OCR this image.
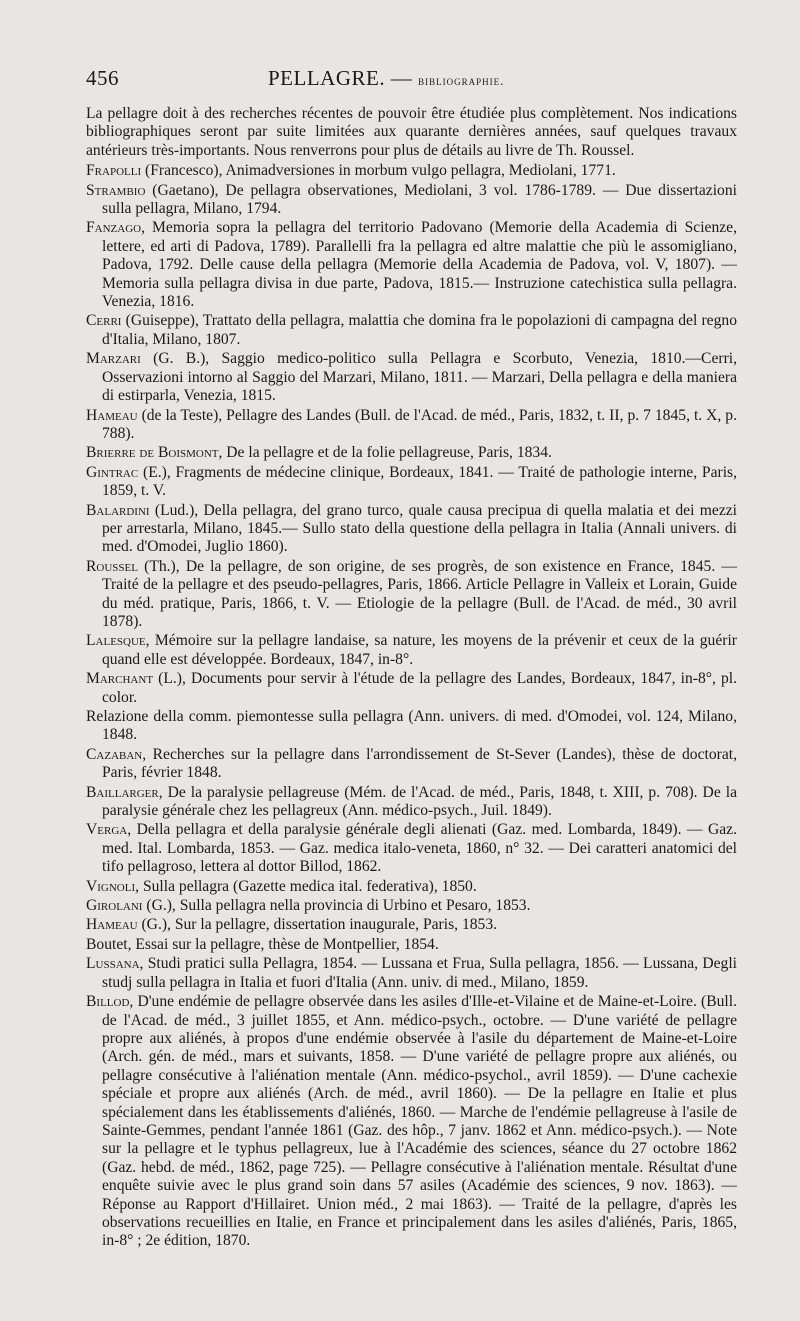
456	PELLAGRE. — bibliographie.

La pellagre doit à des recherches récentes de pouvoir être étudiée plus complètement. Nos indications bibliographiques seront par suite limitées aux quarante dernières années, sauf quelques travaux antérieurs très-importants. Nous renverrons pour plus de détails au livre de Th. Roussel.

Frapolli (Francesco), Animadversiones in morbum vulgo pellagra, Mediolani, 1771.

Strambio (Gaetano), De pellagra observationes, Mediolani, 3 vol. 1786-1789. — Due dissertazioni sulla pellagra, Milano, 1794.

Fanzago, Memoria sopra la pellagra del territorio Padovano (Memorie della Academia di Scienze, lettere, ed arti di Padova, 1789). Parallelli fra la pellagra ed altre malattie che più le assomigliano, Padova, 1792. Delle cause della pellagra (Memorie della Academia de Padova, vol. V, 1807). — Memoria sulla pellagra divisa in due parte, Padova, 1815.— Instruzione catechistica sulla pellagra. Venezia, 1816.

Cerri (Guiseppe), Trattato della pellagra, malattia che domina fra le popolazioni di campagna del regno d'Italia, Milano, 1807.

Marzari (G. B.), Saggio medico-politico sulla Pellagra e Scorbuto, Venezia, 1810.—Cerri, Osservazioni intorno al Saggio del Marzari, Milano, 1811. — Marzari, Della pellagra e della maniera di estirparla, Venezia, 1815.

Hameau (de la Teste), Pellagre des Landes (Bull. de l'Acad. de méd., Paris, 1832, t. II, p. 7 1845, t. X, p. 788).

Brierre de Boismont, De la pellagre et de la folie pellagreuse, Paris, 1834.

Gintrac (E.), Fragments de médecine clinique, Bordeaux, 1841. — Traité de pathologie interne, Paris, 1859, t. V.

Balardini (Lud.), Della pellagra, del grano turco, quale causa precipua di quella malatia et dei mezzi per arrestarla, Milano, 1845.— Sullo stato della questione della pellagra in Italia (Annali univers. di med. d'Omodei, Juglio 1860).

Roussel (Th.), De la pellagre, de son origine, de ses progrès, de son existence en France, 1845. — Traité de la pellagre et des pseudo-pellagres, Paris, 1866. Article Pellagre in Valleix et Lorain, Guide du méd. pratique, Paris, 1866, t. V. — Etiologie de la pellagre (Bull. de l'Acad. de méd., 30 avril 1878).

Lalesque, Mémoire sur la pellagre landaise, sa nature, les moyens de la prévenir et ceux de la guérir quand elle est développée. Bordeaux, 1847, in-8°.

Marchant (L.), Documents pour servir à l'étude de la pellagre des Landes, Bordeaux, 1847, in-8°, pl. color.

Relazione della comm. piemontesse sulla pellagra (Ann. univers. di med. d'Omodei, vol. 124, Milano, 1848.

Cazaban, Recherches sur la pellagre dans l'arrondissement de St-Sever (Landes), thèse de doctorat, Paris, février 1848.

Baillarger, De la paralysie pellagreuse (Mém. de l'Acad. de méd., Paris, 1848, t. XIII, p. 708). De la paralysie générale chez les pellagreux (Ann. médico-psych., Juil. 1849).

Verga, Della pellagra et della paralysie générale degli alienati (Gaz. med. Lombarda, 1849). — Gaz. med. Ital. Lombarda, 1853. — Gaz. medica italo-veneta, 1860, n° 32. — Dei caratteri anatomici del tifo pellagroso, lettera al dottor Billod, 1862.

Vignoli, Sulla pellagra (Gazette medica ital. federativa), 1850.

Girolani (G.), Sulla pellagra nella provincia di Urbino et Pesaro, 1853.

Hameau (G.), Sur la pellagre, dissertation inaugurale, Paris, 1853.

Boutet, Essai sur la pellagre, thèse de Montpellier, 1854.

Lussana, Studi pratici sulla Pellagra, 1854. — Lussana et Frua, Sulla pellagra, 1856. — Lussana, Degli studj sulla pellagra in Italia et fuori d'Italia (Ann. univ. di med., Milano, 1859.

Billod, D'une endémie de pellagre observée dans les asiles d'Ille-et-Vilaine et de Maine-et-Loire. (Bull. de l'Acad. de méd., 3 juillet 1855, et Ann. médico-psych., octobre. — D'une variété de pellagre propre aux aliénés, à propos d'une endémie observée à l'asile du département de Maine-et-Loire (Arch. gén. de méd., mars et suivants, 1858. — D'une variété de pellagre propre aux aliénés, ou pellagre consécutive à l'aliénation mentale (Ann. médico-psychol., avril 1859). — D'une cachexie spéciale et propre aux aliénés (Arch. de méd., avril 1860). — De la pellagre en Italie et plus spécialement dans les établissements d'aliénés, 1860. — Marche de l'endémie pellagreuse à l'asile de Sainte-Gemmes, pendant l'année 1861 (Gaz. des hôp., 7 janv. 1862 et Ann. médico-psych.). — Note sur la pellagre et le typhus pellagreux, lue à l'Académie des sciences, séance du 27 octobre 1862 (Gaz. hebd. de méd., 1862, page 725). — Pellagre consécutive à l'aliénation mentale. Résultat d'une enquête suivie avec le plus grand soin dans 57 asiles (Académie des sciences, 9 nov. 1863). — Réponse au Rapport d'Hillairet. Union méd., 2 mai 1863). — Traité de la pellagre, d'après les observations recueillies en Italie, en France et principalement dans les asiles d'aliénés, Paris, 1865, in-8° ; 2e édition, 1870.
